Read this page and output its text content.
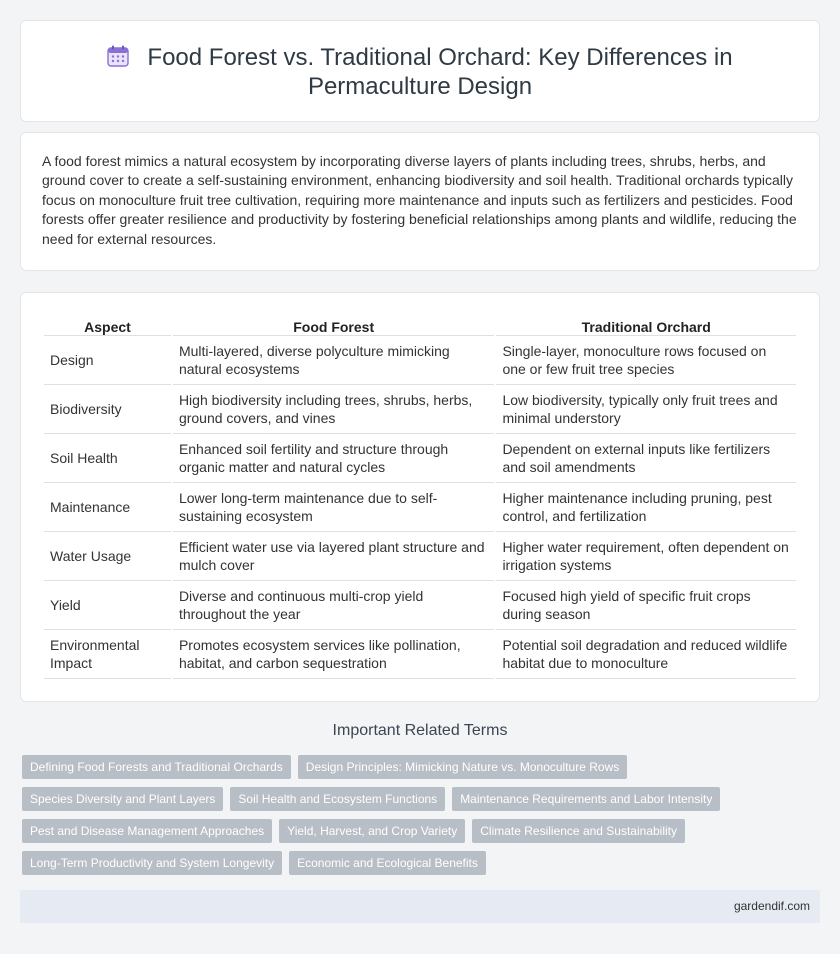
Food Forest vs. Traditional Orchard: Key Differences in Permaculture Design

A food forest mimics a natural ecosystem by incorporating diverse layers of plants including trees, shrubs, herbs, and ground cover to create a self-sustaining environment, enhancing biodiversity and soil health. Traditional orchards typically focus on monoculture fruit tree cultivation, requiring more maintenance and inputs such as fertilizers and pesticides. Food forests offer greater resilience and productivity by fostering beneficial relationships among plants and wildlife, reducing the need for external resources.

Aspect	Food Forest	Traditional Orchard
Design	Multi-layered, diverse polyculture mimicking natural ecosystems	Single-layer, monoculture rows focused on one or few fruit tree species
Biodiversity	High biodiversity including trees, shrubs, herbs, ground covers, and vines	Low biodiversity, typically only fruit trees and minimal understory
Soil Health	Enhanced soil fertility and structure through organic matter and natural cycles	Dependent on external inputs like fertilizers and soil amendments
Maintenance	Lower long-term maintenance due to self-sustaining ecosystem	Higher maintenance including pruning, pest control, and fertilization
Water Usage	Efficient water use via layered plant structure and mulch cover	Higher water requirement, often dependent on irrigation systems
Yield	Diverse and continuous multi-crop yield throughout the year	Focused high yield of specific fruit crops during season
Environmental Impact	Promotes ecosystem services like pollination, habitat, and carbon sequestration	Potential soil degradation and reduced wildlife habitat due to monoculture
Important Related Terms
Defining Food Forests and Traditional Orchards	Design Principles: Mimicking Nature vs. Monoculture Rows
Species Diversity and Plant Layers	Soil Health and Ecosystem Functions	Maintenance Requirements and Labor Intensity
Pest and Disease Management Approaches	Yield, Harvest, and Crop Variety	Climate Resilience and Sustainability
Long-Term Productivity and System Longevity	Economic and Ecological Benefits
gardendif.com
